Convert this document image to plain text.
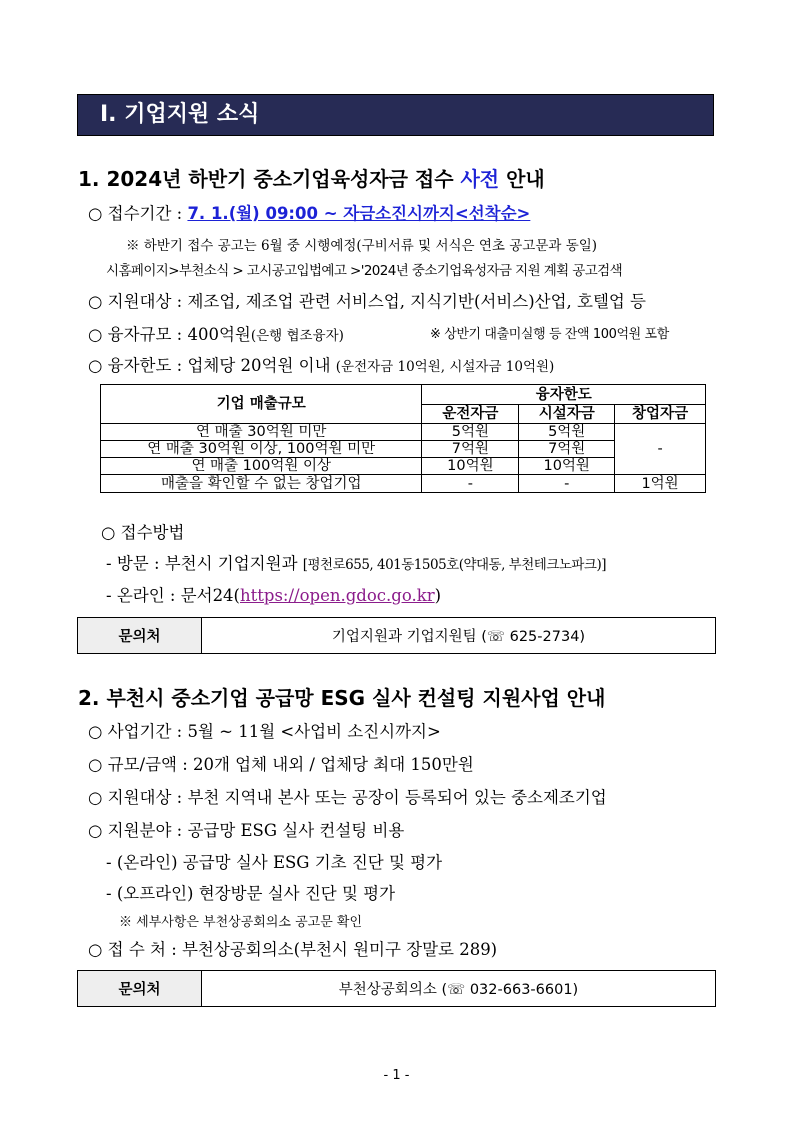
Ⅰ. 기업지원 소식
1. 2024년 하반기 중소기업육성자금 접수 사전 안내
○ 접수기간 : 7. 1.(월) 09:00 ~ 자금소진시까지<선착순>
※ 하반기 접수 공고는 6월 중 시행예정(구비서류 및 서식은 연초 공고문과 동일)
시홈페이지>부천소식 > 고시공고입법예고 >'2024년 중소기업육성자금 지원 계획 공고검색
○ 지원대상 : 제조업, 제조업 관련 서비스업, 지식기반(서비스)산업, 호텔업 등
○ 융자규모 : 400억원(은행 협조융자)	※ 상반기 대출미실행 등 잔액 100억원 포함
○ 융자한도 : 업체당 20억원 이내 (운전자금 10억원, 시설자금 10억원)
기업 매출규모	융자한도		
	운전자금	시설자금	창업자금
연 매출 30억원 미만	5억원	5억원	-
연 매출 30억원 이상, 100억원 미만	7억원	7억원	
연 매출 100억원 이상	10억원	10억원	
매출을 확인할 수 없는 창업기업	-	-	1억원
○ 접수방법
- 방문 : 부천시 기업지원과 [평천로655, 401동1505호(약대동, 부천테크노파크)]
- 온라인 : 문서24(https://open.gdoc.go.kr)
문의처	기업지원과 기업지원팀 (☏ 625-2734)
2. 부천시 중소기업 공급망 ESG 실사 컨설팅 지원사업 안내
○ 사업기간 : 5월 ~ 11월 <사업비 소진시까지>
○ 규모/금액 : 20개 업체 내외 / 업체당 최대 150만원
○ 지원대상 : 부천 지역내 본사 또는 공장이 등록되어 있는 중소제조기업
○ 지원분야 : 공급망 ESG 실사 컨설팅 비용
- (온라인) 공급망 실사 ESG 기초 진단 및 평가
- (오프라인) 현장방문 실사 진단 및 평가
※ 세부사항은 부천상공회의소 공고문 확인
○ 접 수 처 : 부천상공회의소(부천시 원미구 장말로 289)
문의처	부천상공회의소 (☏ 032-663-6601)
- 1 -
